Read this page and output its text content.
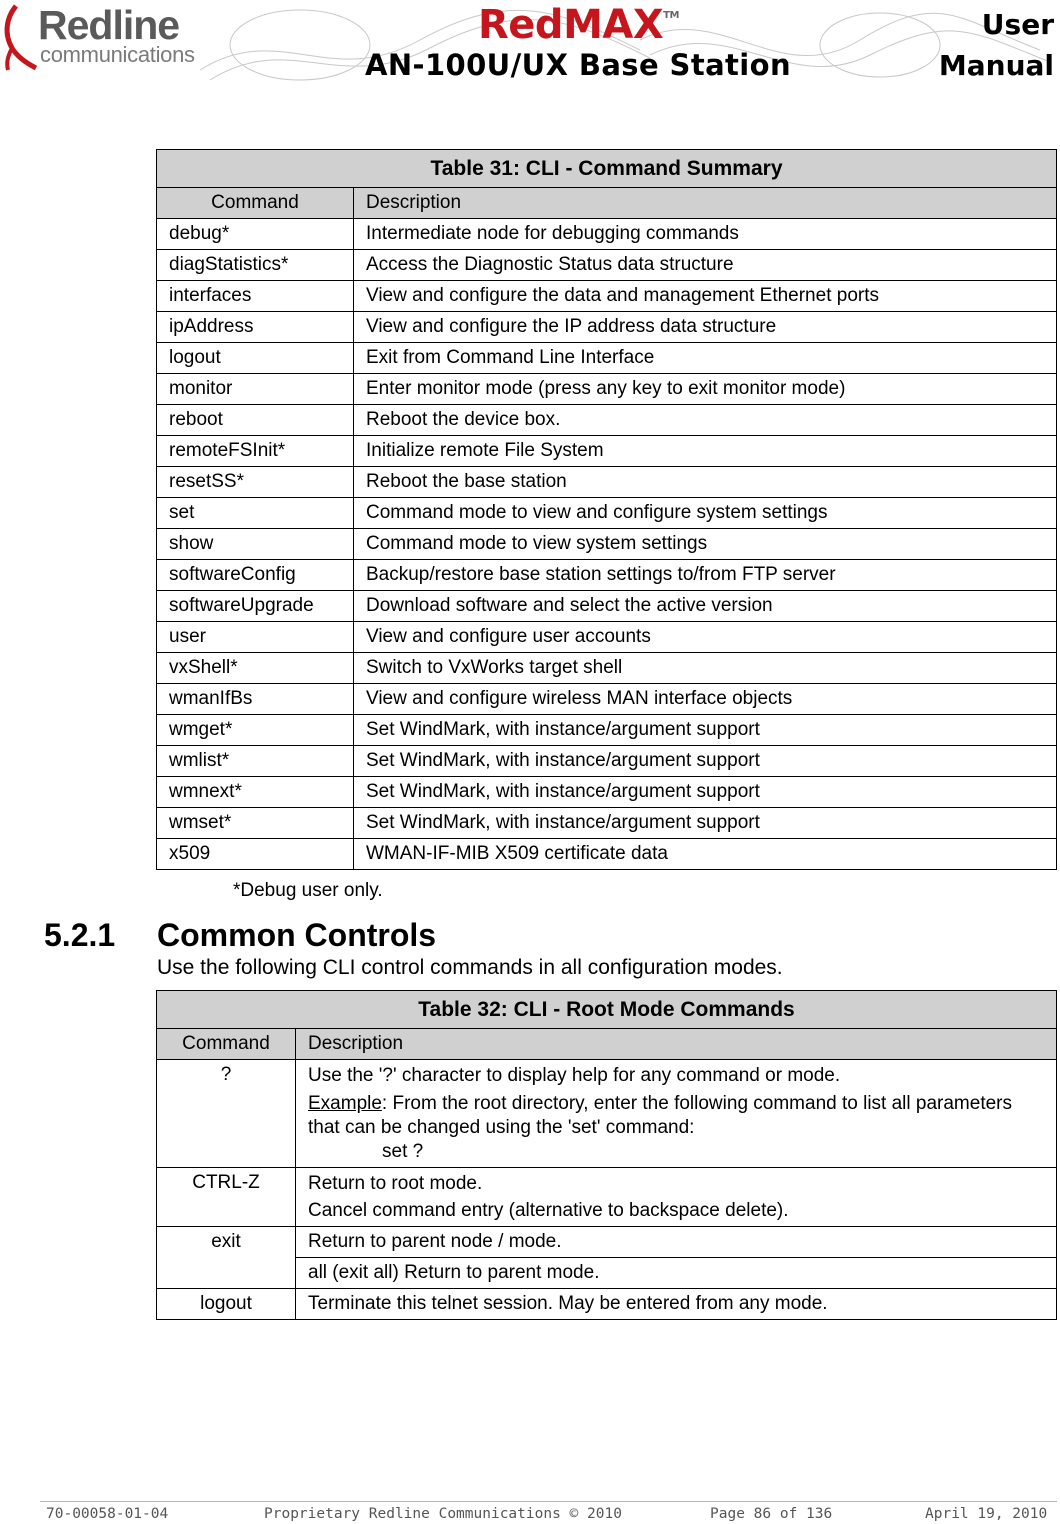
Redline
communications
RedMAX™
AN-100U/UX Base Station
User
Manual
Table 31: CLI - Command Summary	
Command	Description
debug*	Intermediate node for debugging commands
diagStatistics*	Access the Diagnostic Status data structure
interfaces	View and configure the data and management Ethernet ports
ipAddress	View and configure the IP address data structure
logout	Exit from Command Line Interface
monitor	Enter monitor mode (press any key to exit monitor mode)
reboot	Reboot the device box.
remoteFSInit*	Initialize remote File System
resetSS*	Reboot the base station
set	Command mode to view and configure system settings
show	Command mode to view system settings
softwareConfig	Backup/restore base station settings to/from FTP server
softwareUpgrade	Download software and select the active version
user	View and configure user accounts
vxShell*	Switch to VxWorks target shell
wmanIfBs	View and configure wireless MAN interface objects
wmget*	Set WindMark, with instance/argument support
wmlist*	Set WindMark, with instance/argument support
wmnext*	Set WindMark, with instance/argument support
wmset*	Set WindMark, with instance/argument support
x509	WMAN-IF-MIB X509 certificate data
*Debug user only.
5.2.1 Common Controls
Use the following CLI control commands in all configuration modes.
Table 32: CLI - Root Mode Commands	
Command	Description
?	Use the '?' character to display help for any command or mode.

Example: From the root directory, enter the following command to list all parameters that can be changed using the 'set' command:

set ?

CTRL-Z	Return to root mode.

Cancel command entry (alternative to backspace delete).

exit	Return to parent node / mode.
	all (exit all) Return to parent mode.
logout	Terminate this telnet session. May be entered from any mode.
70-00058-01-04	Proprietary Redline Communications © 2010	Page 86 of 136	April 19, 2010
